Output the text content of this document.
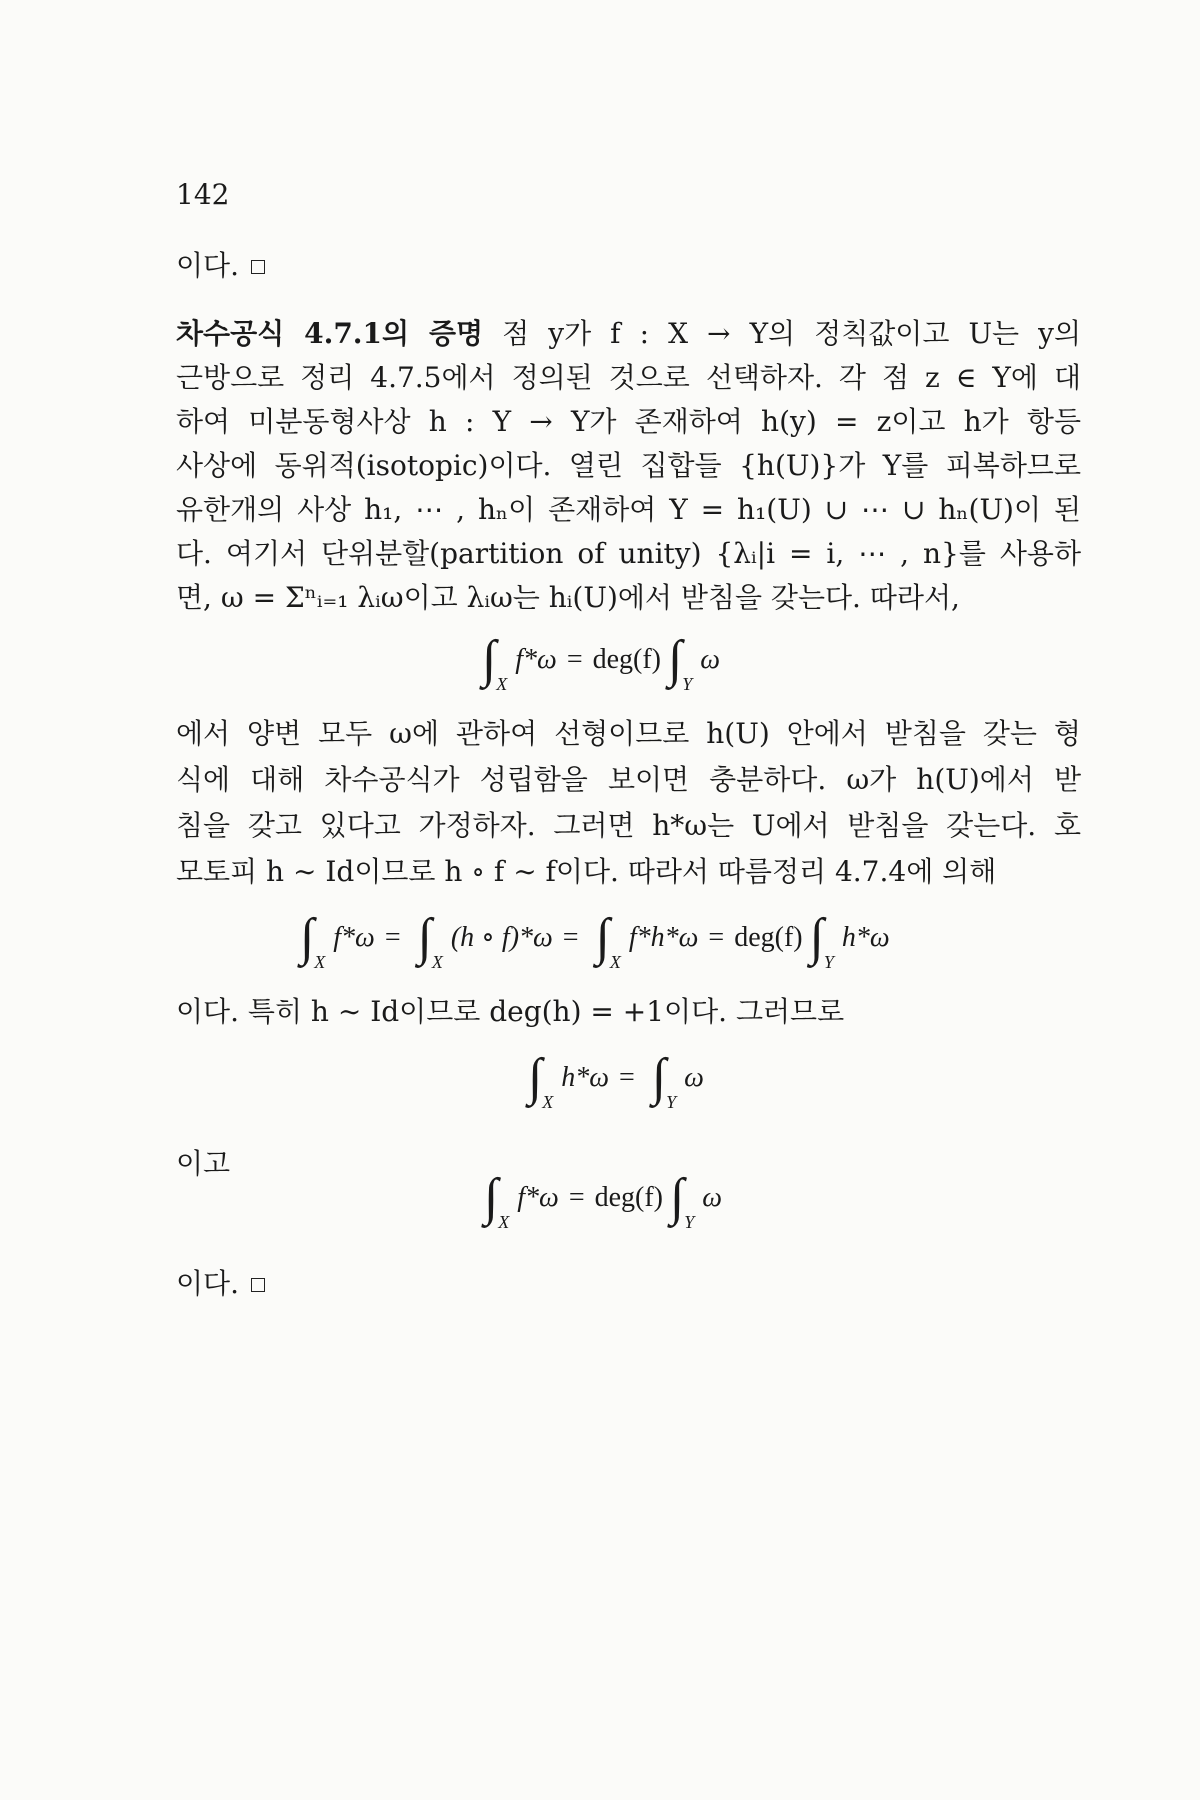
142
이다.
차수공식 4.7.1의 증명 점 y가 f : X → Y의 정칙값이고 U는 y의
근방으로 정리 4.7.5에서 정의된 것으로 선택하자. 각 점 z ∈ Y에 대
하여 미분동형사상 h : Y → Y가 존재하여 h(y) = z이고 h가 항등
사상에 동위적(isotopic)이다. 열린 집합들 {h(U)}가 Y를 피복하므로
유한개의 사상 h₁, ⋯ , hₙ이 존재하여 Y = h₁(U) ∪ ⋯ ∪ hₙ(U)이 된
다. 여기서 단위분할(partition of unity) {λᵢ|i = i, ⋯ , n}를 사용하
면, ω = Σⁿᵢ₌₁ λᵢω이고 λᵢω는 hᵢ(U)에서 받침을 갖는다. 따라서,
$\int_Xf*\omega = deg(f)$ $\int_Y\omega$
에서 양변 모두 ω에 관하여 선형이므로 h(U) 안에서 받침을 갖는 형
식에 대해 차수공식가 성립함을 보이면 충분하다. ω가 h(U)에서 받
침을 갖고 있다고 가정하자. 그러면 h*ω는 U에서 받침을 갖는다. 호
모토피 h ∼ Id이므로 h ∘ f ∼ f이다. 따라서 따름정리 4.7.4에 의해
$\int_Xf*\omega = \int_X(h$ ∘ $f)*\omega = \int_Xf*h*\omega = deg(f)$ $\int_Yh*\omega$
이다. 특히 h ∼ Id이므로 deg(h) = +1이다. 그러므로
$\int_Xh*\omega = \int_Y\omega$
이고
$\int_Xf*\omega = deg(f)$ $\int_Y\omega$
이다.
